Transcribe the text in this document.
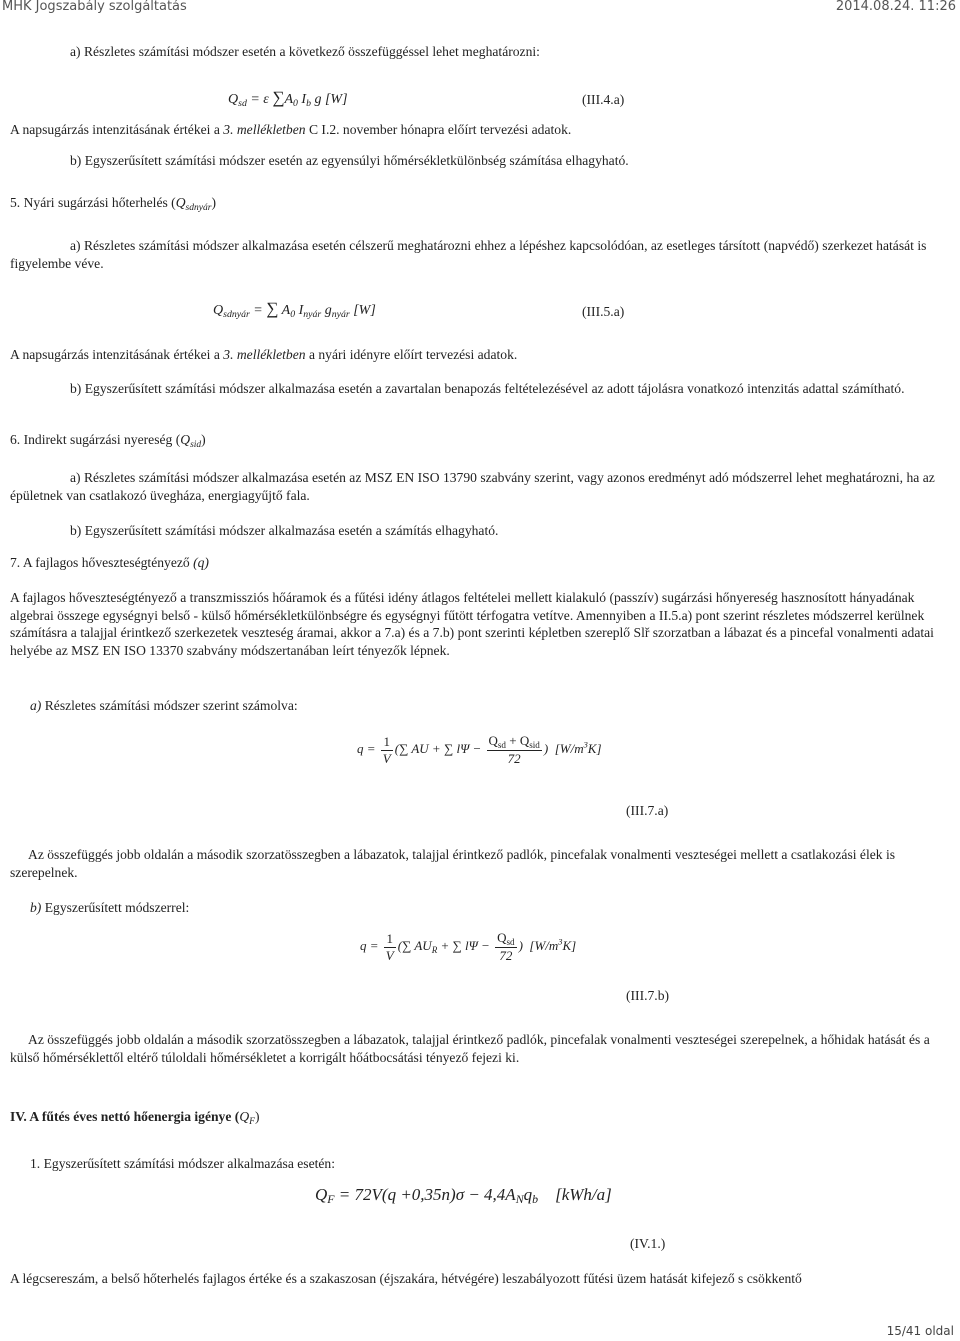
MHK Jogszabály szolgáltatás	2014.08.24. 11:26

a) Részletes számítási módszer esetén a következő összefüggéssel lehet meghatározni:

$Q_{sd} = \varepsilon$ $\sum A_0$ $I_b$ g [W]	(III.4.a)

A napsugárzás intenzitásának értékei a 3. mellékletben C I.2. november hónapra előírt tervezési adatok.

b) Egyszerűsített számítási módszer esetén az egyensúlyi hőmérsékletkülönbség számítása elhagyható.

5. Nyári sugárzási hőterhelés $(Q_{sdnyár})$

a) Részletes számítási módszer alkalmazása esetén célszerű meghatározni ehhez a lépéshez kapcsolódóan, az esetleges társított (napvédő) szerkezet hatását is figyelembe véve.

$Q_{sdnyár}$ = ∑ $A_0$ $I_{nyár}$ $g_{nyár}$ [W]	(III.5.a)

A napsugárzás intenzitásának értékei a 3. mellékletben a nyári idényre előírt tervezési adatok.

b) Egyszerűsített számítási módszer alkalmazása esetén a zavartalan benapozás feltételezésével az adott tájolásra vonatkozó intenzitás adattal számítható.

6. Indirekt sugárzási nyereség $(Q_{sid})$

a) Részletes számítási módszer alkalmazása esetén az MSZ EN ISO 13790 szabvány szerint, vagy azonos eredményt adó módszerrel lehet meghatározni, ha az épületnek van csatlakozó üvegháza, energiagyűjtő fala.

b) Egyszerűsített számítási módszer alkalmazása esetén a számítás elhagyható.

7. A fajlagos hőveszteségtényező (q)

A fajlagos hőveszteségtényező a transzmissziós hőáramok és a fűtési idény átlagos feltételei mellett kialakuló (passzív) sugárzási hőnyereség hasznosított hányadának algebrai összege egységnyi belső - külső hőmérsékletkülönbségre és egységnyi fűtött térfogatra vetítve. Amennyiben a II.5.a) pont szerint részletes módszerrel kerülnek számításra a talajjal érintkező szerkezetek veszteség áramai, akkor a 7.a) és a 7.b) pont szerinti képletben szereplő Slř szorzatban a lábazat és a pincefal vonalmenti adatai helyébe az MSZ EN ISO 13370 szabvány módszertanában leírt tényezők lépnek.

a) Részletes számítási módszer szerint számolva:

$q = \frac{1}{V}$ (∑ AU + ∑ $l\Psi - \frac{Q_{sd} + Q_{sid}}{72}$ ) $[W/m^3K]$
(III.7.a)

Az összefüggés jobb oldalán a második szorzatösszegben a lábazatok, talajjal érintkező padlók, pincefalak vonalmenti veszteségei mellett a csatlakozási élek is szerepelnek.

b) Egyszerűsített módszerrel:

$q = \frac{1}{V}$ (∑ $AU_R$ + ∑ $l\Psi - \frac{Q_{sd}}{72}$ ) $[W/m^3K]$
(III.7.b)

Az összefüggés jobb oldalán a második szorzatösszegben a lábazatok, talajjal érintkező padlók, pincefalak vonalmenti veszteségei szerepelnek, a hőhidak hatását és a külső hőmérséklettől eltérő túloldali hőmérsékletet a korrigált hőátbocsátási tényező fejezi ki.

IV. A fűtés éves nettó hőenergia igénye $(Q_F)$

1. Egyszerűsített számítási módszer alkalmazása esetén:

$Q_F = 72V(q +0,35n)\sigma - 4,4A_Nq_b$ [kWh/a]
(IV.1.)

A légcsereszám, a belső hőterhelés fajlagos értéke és a szakaszosan (éjszakára, hétvégére) leszabályozott fűtési üzem hatását kifejező s csökkentő

15/41 oldal
